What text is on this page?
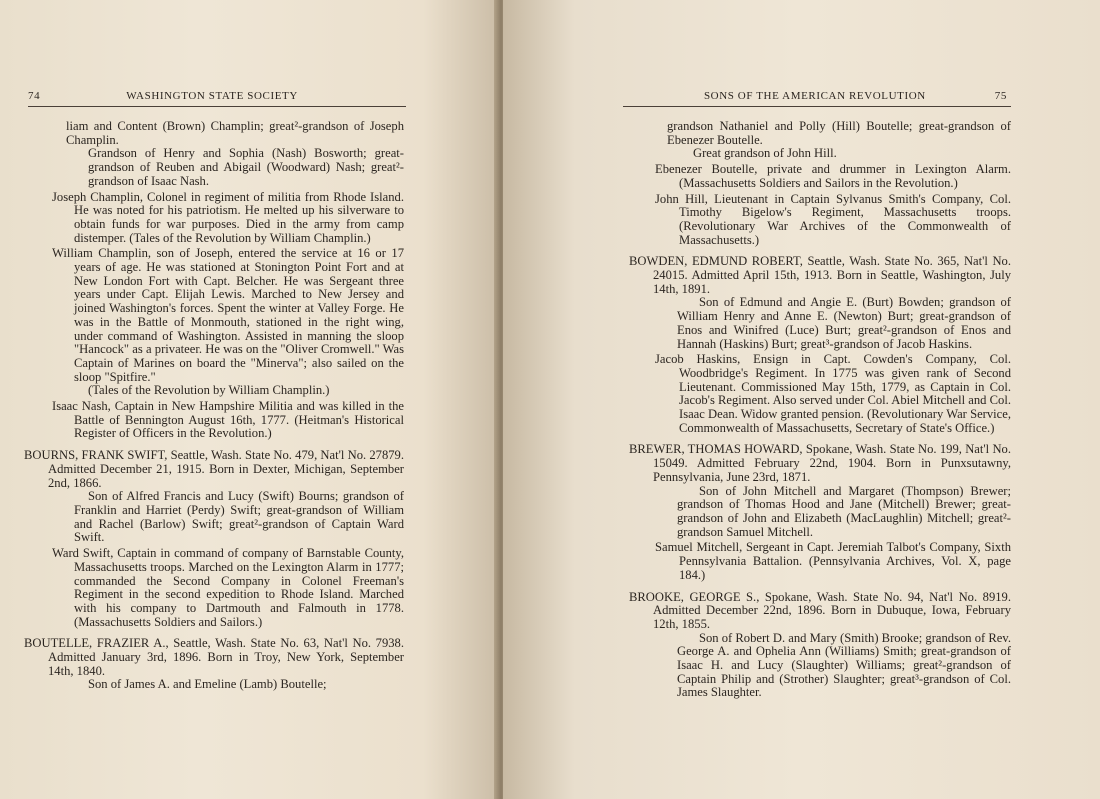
74	WASHINGTON STATE SOCIETY

liam and Content (Brown) Champlin; great²-grandson of Joseph Champlin.

Grandson of Henry and Sophia (Nash) Bosworth; great-grandson of Reuben and Abigail (Woodward) Nash; great²-grandson of Isaac Nash.

Joseph Champlin, Colonel in regiment of militia from Rhode Island. He was noted for his patriotism. He melted up his silverware to obtain funds for war purposes. Died in the army from camp distemper. (Tales of the Revolution by William Champlin.)

William Champlin, son of Joseph, entered the service at 16 or 17 years of age. He was stationed at Stonington Point Fort and at New London Fort with Capt. Belcher. He was Sergeant three years under Capt. Elijah Lewis. Marched to New Jersey and joined Washington's forces. Spent the winter at Valley Forge. He was in the Battle of Monmouth, stationed in the right wing, under command of Washington. Assisted in manning the sloop "Hancock" as a privateer. He was on the "Oliver Cromwell." Was Captain of Marines on board the "Minerva"; also sailed on the sloop "Spitfire."

(Tales of the Revolution by William Champlin.)

Isaac Nash, Captain in New Hampshire Militia and was killed in the Battle of Bennington August 16th, 1777. (Heitman's Historical Register of Officers in the Revolution.)

BOURNS, FRANK SWIFT, Seattle, Wash. State No. 479, Nat'l No. 27879. Admitted December 21, 1915. Born in Dexter, Michigan, September 2nd, 1866.

Son of Alfred Francis and Lucy (Swift) Bourns; grandson of Franklin and Harriet (Perdy) Swift; great-grandson of William and Rachel (Barlow) Swift; great²-grandson of Captain Ward Swift.

Ward Swift, Captain in command of company of Barnstable County, Massachusetts troops. Marched on the Lexington Alarm in 1777; commanded the Second Company in Colonel Freeman's Regiment in the second expedition to Rhode Island. Marched with his company to Dartmouth and Falmouth in 1778. (Massachusetts Soldiers and Sailors.)

BOUTELLE, FRAZIER A., Seattle, Wash. State No. 63, Nat'l No. 7938. Admitted January 3rd, 1896. Born in Troy, New York, September 14th, 1840.

Son of James A. and Emeline (Lamb) Boutelle;

SONS OF THE AMERICAN REVOLUTION	75

grandson Nathaniel and Polly (Hill) Boutelle; great-grandson of Ebenezer Boutelle.

Great grandson of John Hill.

Ebenezer Boutelle, private and drummer in Lexington Alarm. (Massachusetts Soldiers and Sailors in the Revolution.)

John Hill, Lieutenant in Captain Sylvanus Smith's Company, Col. Timothy Bigelow's Regiment, Massachusetts troops. (Revolutionary War Archives of the Commonwealth of Massachusetts.)

BOWDEN, EDMUND ROBERT, Seattle, Wash. State No. 365, Nat'l No. 24015. Admitted April 15th, 1913. Born in Seattle, Washington, July 14th, 1891.

Son of Edmund and Angie E. (Burt) Bowden; grandson of William Henry and Anne E. (Newton) Burt; great-grandson of Enos and Winifred (Luce) Burt; great²-grandson of Enos and Hannah (Haskins) Burt; great³-grandson of Jacob Haskins.

Jacob Haskins, Ensign in Capt. Cowden's Company, Col. Woodbridge's Regiment. In 1775 was given rank of Second Lieutenant. Commissioned May 15th, 1779, as Captain in Col. Jacob's Regiment. Also served under Col. Abiel Mitchell and Col. Isaac Dean. Widow granted pension. (Revolutionary War Service, Commonwealth of Massachusetts, Secretary of State's Office.)

BREWER, THOMAS HOWARD, Spokane, Wash. State No. 199, Nat'l No. 15049. Admitted February 22nd, 1904. Born in Punxsutawny, Pennsylvania, June 23rd, 1871.

Son of John Mitchell and Margaret (Thompson) Brewer; grandson of Thomas Hood and Jane (Mitchell) Brewer; great-grandson of John and Elizabeth (MacLaughlin) Mitchell; great²-grandson Samuel Mitchell.

Samuel Mitchell, Sergeant in Capt. Jeremiah Talbot's Company, Sixth Pennsylvania Battalion. (Pennsylvania Archives, Vol. X, page 184.)

BROOKE, GEORGE S., Spokane, Wash. State No. 94, Nat'l No. 8919. Admitted December 22nd, 1896. Born in Dubuque, Iowa, February 12th, 1855.

Son of Robert D. and Mary (Smith) Brooke; grandson of Rev. George A. and Ophelia Ann (Williams) Smith; great-grandson of Isaac H. and Lucy (Slaughter) Williams; great²-grandson of Captain Philip and (Strother) Slaughter; great³-grandson of Col. James Slaughter.
